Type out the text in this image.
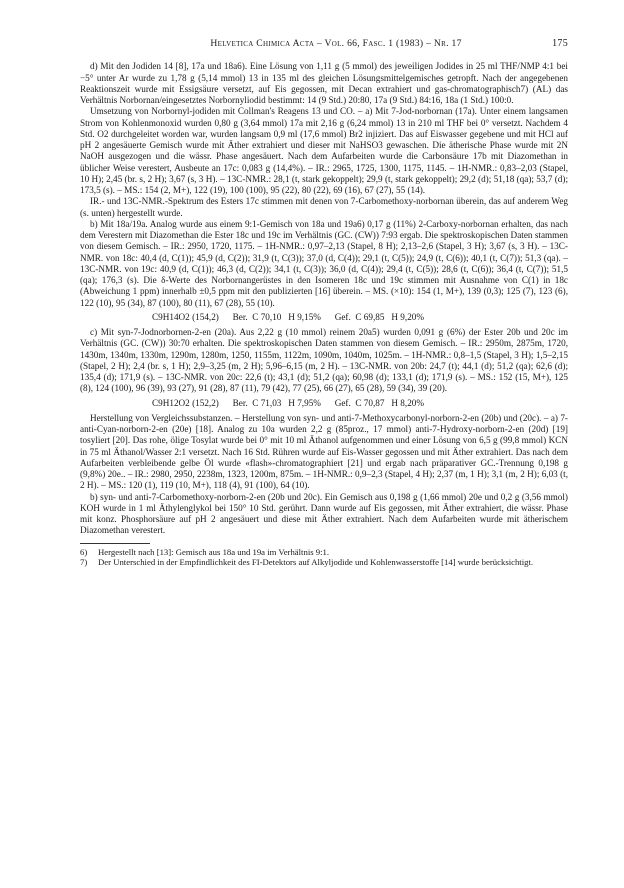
Helvetica Chimica Acta – Vol. 66, Fasc. 1 (1983) – Nr. 17	175

d) Mit den Jodiden 14 [8], 17a und 18a6). Eine Lösung von 1,11 g (5 mmol) des jeweiligen Jodides in 25 ml THF/NMP 4:1 bei −5° unter Ar wurde zu 1,78 g (5,14 mmol) 13 in 135 ml des gleichen Lösungsmittelgemisches getropft. Nach der angegebenen Reaktionszeit wurde mit Essigsäure versetzt, auf Eis gegossen, mit Decan extrahiert und gas-chromatographisch7) (AL) das Verhältnis Norbornan/eingesetztes Norbornyliodid bestimmt: 14 (9 Std.) 20:80, 17a (9 Std.) 84:16, 18a (1 Std.) 100:0.

Umsetzung von Norbornyl-jodiden mit Collman's Reagens 13 und CO. – a) Mit 7-Jod-norbornan (17a). Unter einem langsamen Strom von Kohlenmonoxid wurden 0,80 g (3,64 mmol) 17a mit 2,16 g (6,24 mmol) 13 in 210 ml THF bei 0° versetzt. Nachdem 4 Std. O2 durchgeleitet worden war, wurden langsam 0,9 ml (17,6 mmol) Br2 injiziert. Das auf Eiswasser gegebene und mit HCl auf pH 2 angesäuerte Gemisch wurde mit Äther extrahiert und dieser mit NaHSO3 gewaschen. Die ätherische Phase wurde mit 2N NaOH ausgezogen und die wässr. Phase angesäuert. Nach dem Aufarbeiten wurde die Carbonsäure 17b mit Diazomethan in üblicher Weise verestert, Ausbeute an 17c: 0,083 g (14,4%). – IR.: 2965, 1725, 1300, 1175, 1145. – 1H-NMR.: 0,83–2,03 (Stapel, 10 H); 2,45 (br. s, 2 H); 3,67 (s, 3 H). – 13C-NMR.: 28,1 (t, stark gekoppelt); 29,9 (t, stark gekoppelt); 29,2 (d); 51,18 (qa); 53,7 (d); 173,5 (s). – MS.: 154 (2, M+), 122 (19), 100 (100), 95 (22), 80 (22), 69 (16), 67 (27), 55 (14).

IR.- und 13C-NMR.-Spektrum des Esters 17c stimmen mit denen von 7-Carbomethoxy-norbornan überein, das auf anderem Weg (s. unten) hergestellt wurde.

b) Mit 18a/19a. Analog wurde aus einem 9:1-Gemisch von 18a und 19a6) 0,17 g (11%) 2-Carboxy-norbornan erhalten, das nach dem Verestern mit Diazomethan die Ester 18c und 19c im Verhältnis (GC. (CW)) 7:93 ergab. Die spektroskopischen Daten stammen von diesem Gemisch. – IR.: 2950, 1720, 1175. – 1H-NMR.: 0,97–2,13 (Stapel, 8 H); 2,13–2,6 (Stapel, 3 H); 3,67 (s, 3 H). – 13C-NMR. von 18c: 40,4 (d, C(1)); 45,9 (d, C(2)); 31,9 (t, C(3)); 37,0 (d, C(4)); 29,1 (t, C(5)); 24,9 (t, C(6)); 40,1 (t, C(7)); 51,3 (qa). – 13C-NMR. von 19c: 40,9 (d, C(1)); 46,3 (d, C(2)); 34,1 (t, C(3)); 36,0 (d, C(4)); 29,4 (t, C(5)); 28,6 (t, C(6)); 36,4 (t, C(7)); 51,5 (qa); 176,3 (s). Die δ-Werte des Norbornangerüstes in den Isomeren 18c und 19c stimmen mit Ausnahme von C(1) in 18c (Abweichung 1 ppm) innerhalb ±0,5 ppm mit den publizierten [16] überein. – MS. (×10): 154 (1, M+), 139 (0,3); 125 (7), 123 (6), 122 (10), 95 (34), 87 (100), 80 (11), 67 (28), 55 (10).

C9H14O2 (154,2)      Ber.  C 70,10   H 9,15%      Gef.  C 69,85   H 9,20%

c) Mit syn-7-Jodnorbornen-2-en (20a). Aus 2,22 g (10 mmol) reinem 20a5) wurden 0,091 g (6%) der Ester 20b und 20c im Verhältnis (GC. (CW)) 30:70 erhalten. Die spektroskopischen Daten stammen von diesem Gemisch. – IR.: 2950m, 2875m, 1720, 1430m, 1340m, 1330m, 1290m, 1280m, 1250, 1155m, 1122m, 1090m, 1040m, 1025m. – 1H-NMR.: 0,8–1,5 (Stapel, 3 H); 1,5–2,15 (Stapel, 2 H); 2,4 (br. s, 1 H); 2,9–3,25 (m, 2 H); 5,96–6,15 (m, 2 H). – 13C-NMR. von 20b: 24,7 (t); 44,1 (d); 51,2 (qa); 62,6 (d); 135,4 (d); 171,9 (s). – 13C-NMR. von 20c: 22,6 (t); 43,1 (d); 51,2 (qa); 60,98 (d); 133,1 (d); 171,9 (s). – MS.: 152 (15, M+), 125 (8), 124 (100), 96 (39), 93 (27), 91 (28), 87 (11), 79 (42), 77 (25), 66 (27), 65 (28), 59 (34), 39 (20).

C9H12O2 (152,2)      Ber.  C 71,03   H 7,95%      Gef.  C 70,87   H 8,20%

Herstellung von Vergleichssubstanzen. – Herstellung von syn- und anti-7-Methoxycarbonyl-norborn-2-en (20b) und (20c). – a) 7-anti-Cyan-norborn-2-en (20e) [18]. Analog zu 10a wurden 2,2 g (85proz., 17 mmol) anti-7-Hydroxy-norborn-2-en (20d) [19] tosyliert [20]. Das rohe, ölige Tosylat wurde bei 0° mit 10 ml Äthanol aufgenommen und einer Lösung von 6,5 g (99,8 mmol) KCN in 75 ml Äthanol/Wasser 2:1 versetzt. Nach 16 Std. Rühren wurde auf Eis-Wasser gegossen und mit Äther extrahiert. Das nach dem Aufarbeiten verbleibende gelbe Öl wurde «flash»-chromatographiert [21] und ergab nach präparativer GC.-Trennung 0,198 g (9,8%) 20e.. – IR.: 2980, 2950, 2238m, 1323, 1200m, 875m. – 1H-NMR.: 0,9–2,3 (Stapel, 4 H); 2,37 (m, 1 H); 3,1 (m, 2 H); 6,03 (t, 2 H). – MS.: 120 (1), 119 (10, M+), 118 (4), 91 (100), 64 (10).

b) syn- und anti-7-Carbomethoxy-norborn-2-en (20b und 20c). Ein Gemisch aus 0,198 g (1,66 mmol) 20e und 0,2 g (3,56 mmol) KOH wurde in 1 ml Äthylenglykol bei 150° 10 Std. gerührt. Dann wurde auf Eis gegossen, mit Äther extrahiert, die wässr. Phase mit konz. Phosphorsäure auf pH 2 angesäuert und diese mit Äther extrahiert. Nach dem Aufarbeiten wurde mit ätherischem Diazomethan verestert.

6)	Hergestellt nach [13]: Gemisch aus 18a und 19a im Verhältnis 9:1.
7)	Der Unterschied in der Empfindlichkeit des FI-Detektors auf Alkyljodide und Kohlenwasserstoffe [14] wurde berücksichtigt.
